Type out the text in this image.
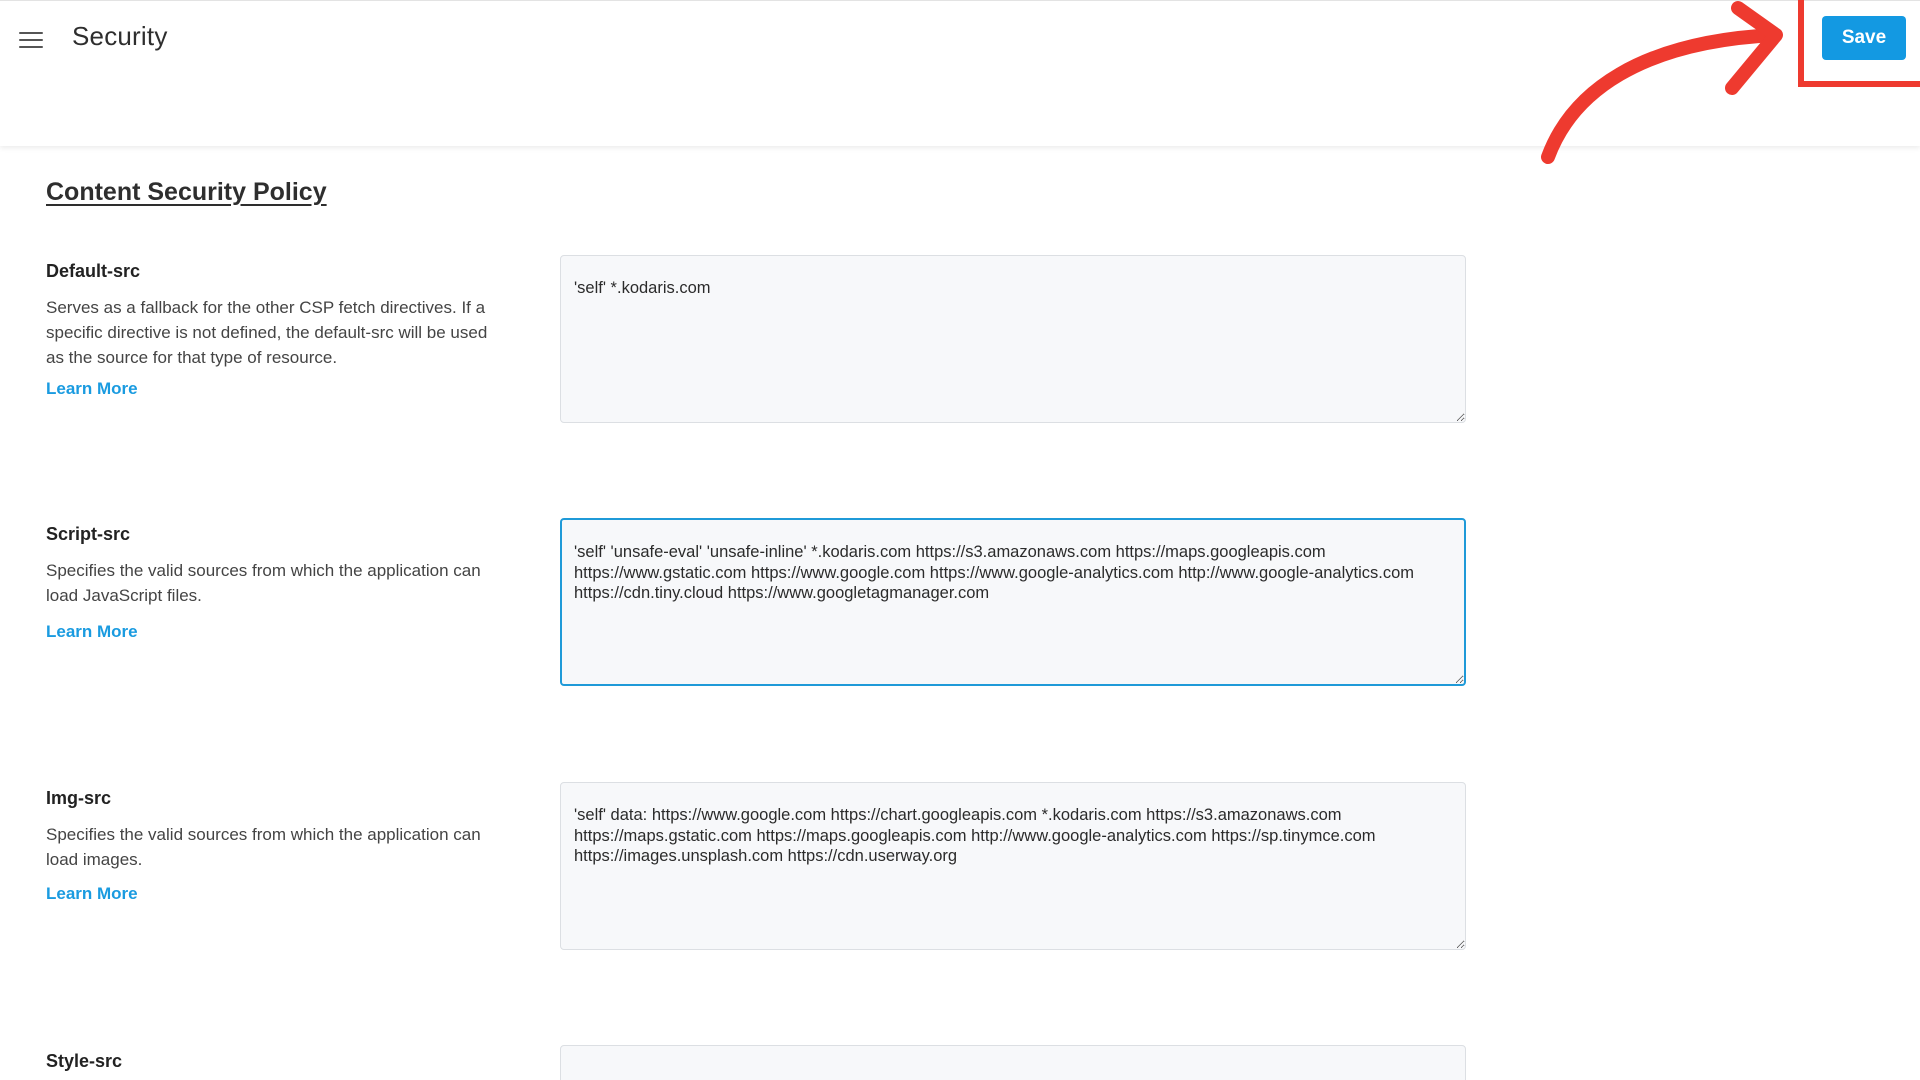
Security	Save
Content Security Policy
Default-src
Serves as a fallback for the other CSP fetch directives. If a specific directive is not defined, the default-src will be used as the source for that type of resource.
Learn More
'self' *.kodaris.com
Script-src
Specifies the valid sources from which the application can load JavaScript files.
Learn More
'self' 'unsafe-eval' 'unsafe-inline' *.kodaris.com https://s3.amazonaws.com https://maps.googleapis.com https://www.gstatic.com https://www.google.com https://www.google-analytics.com http://www.google-analytics.com https://cdn.tiny.cloud https://www.googletagmanager.com
Img-src
Specifies the valid sources from which the application can load images.
Learn More
'self' data: https://www.google.com https://chart.googleapis.com *.kodaris.com https://s3.amazonaws.com https://maps.gstatic.com https://maps.googleapis.com http://www.google-analytics.com https://sp.tinymce.com https://images.unsplash.com https://cdn.userway.org
Style-src
